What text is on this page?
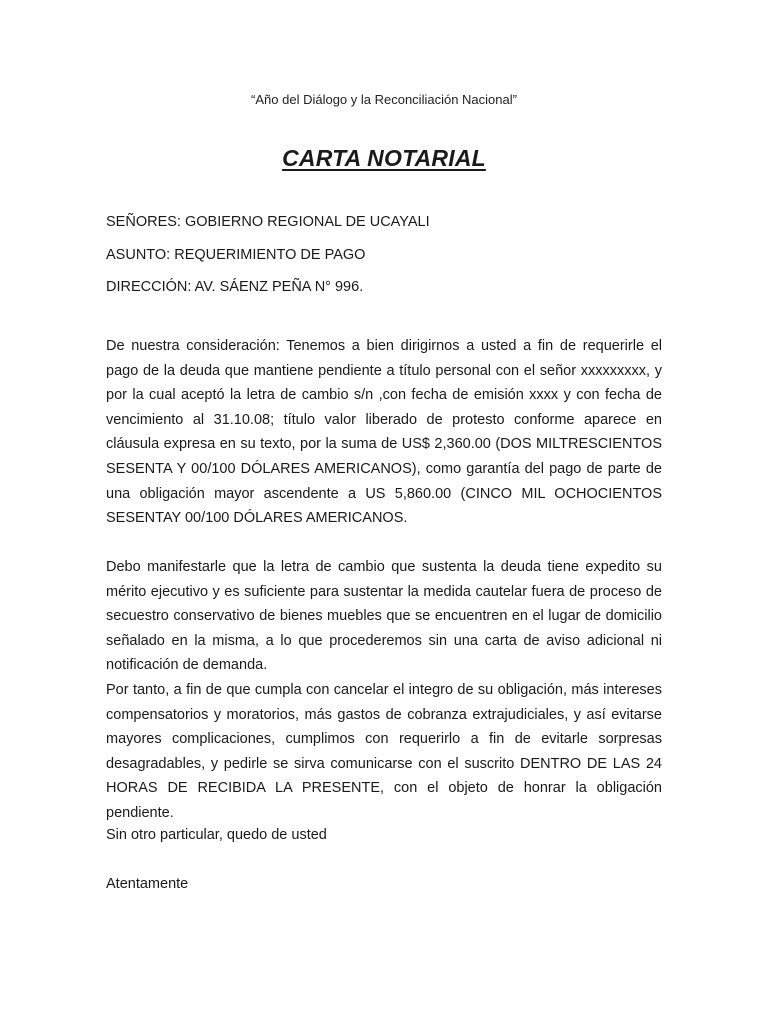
“Año del Diálogo y la Reconciliación Nacional”
CARTA NOTARIAL
SEÑORES: GOBIERNO REGIONAL DE UCAYALI
ASUNTO: REQUERIMIENTO DE PAGO
DIRECCIÓN: AV. SÁENZ PEÑA N° 996.
De nuestra consideración: Tenemos a bien dirigirnos a usted a fin de requerirle el pago de la deuda que mantiene pendiente a título personal con el señor xxxxxxxxx, y por la cual aceptó la letra de cambio s/n ,con fecha de emisión xxxx y con fecha de vencimiento al 31.10.08; título valor liberado de protesto conforme aparece en cláusula expresa en su texto, por la suma de US$ 2,360.00 (DOS MILTRESCIENTOS SESENTA Y 00/100 DÓLARES AMERICANOS), como garantía del pago de parte de una obligación mayor ascendente a US 5,860.00 (CINCO MIL OCHOCIENTOS SESENTAY 00/100 DÓLARES AMERICANOS.
Debo manifestarle que la letra de cambio que sustenta la deuda tiene expedito su mérito ejecutivo y es suficiente para sustentar la medida cautelar fuera de proceso de secuestro conservativo de bienes muebles que se encuentren en el lugar de domicilio señalado en la misma, a lo que procederemos sin una carta de aviso adicional ni notificación de demanda.
Por tanto, a fin de que cumpla con cancelar el integro de su obligación, más intereses compensatorios y moratorios, más gastos de cobranza extrajudiciales, y así evitarse mayores complicaciones, cumplimos con requerirlo a fin de evitarle sorpresas desagradables, y pedirle se sirva comunicarse con el suscrito DENTRO DE LAS 24 HORAS DE RECIBIDA LA PRESENTE, con el objeto de honrar la obligación pendiente.
Sin otro particular, quedo de usted
Atentamente
